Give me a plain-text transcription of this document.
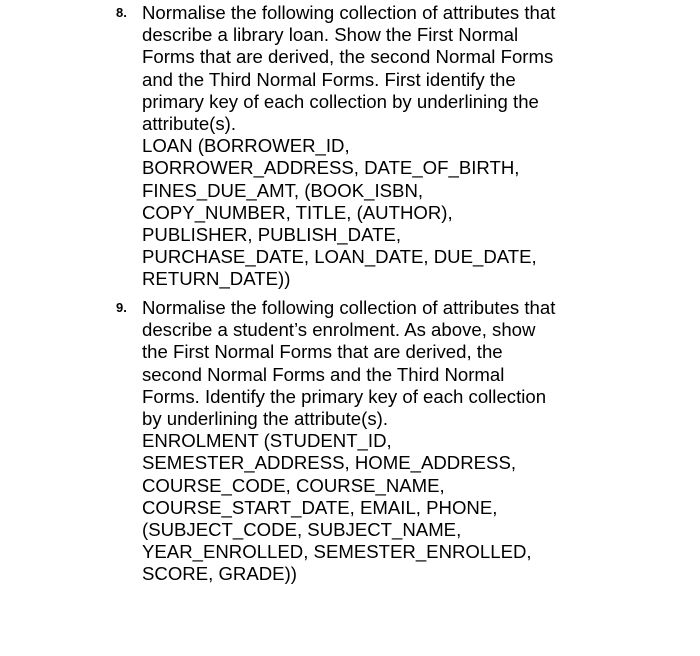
8. Normalise the following collection of attributes that
describe a library loan. Show the First Normal
Forms that are derived, the second Normal Forms
and the Third Normal Forms. First identify the
primary key of each collection by underlining the
attribute(s).
LOAN (BORROWER_ID,
BORROWER_ADDRESS, DATE_OF_BIRTH,
FINES_DUE_AMT, (BOOK_ISBN,
COPY_NUMBER, TITLE, (AUTHOR),
PUBLISHER, PUBLISH_DATE,
PURCHASE_DATE, LOAN_DATE, DUE_DATE,
RETURN_DATE))
9. Normalise the following collection of attributes that
describe a student’s enrolment. As above, show
the First Normal Forms that are derived, the
second Normal Forms and the Third Normal
Forms. Identify the primary key of each collection
by underlining the attribute(s).
ENROLMENT (STUDENT_ID,
SEMESTER_ADDRESS, HOME_ADDRESS,
COURSE_CODE, COURSE_NAME,
COURSE_START_DATE, EMAIL, PHONE,
(SUBJECT_CODE, SUBJECT_NAME,
YEAR_ENROLLED, SEMESTER_ENROLLED,
SCORE, GRADE))
